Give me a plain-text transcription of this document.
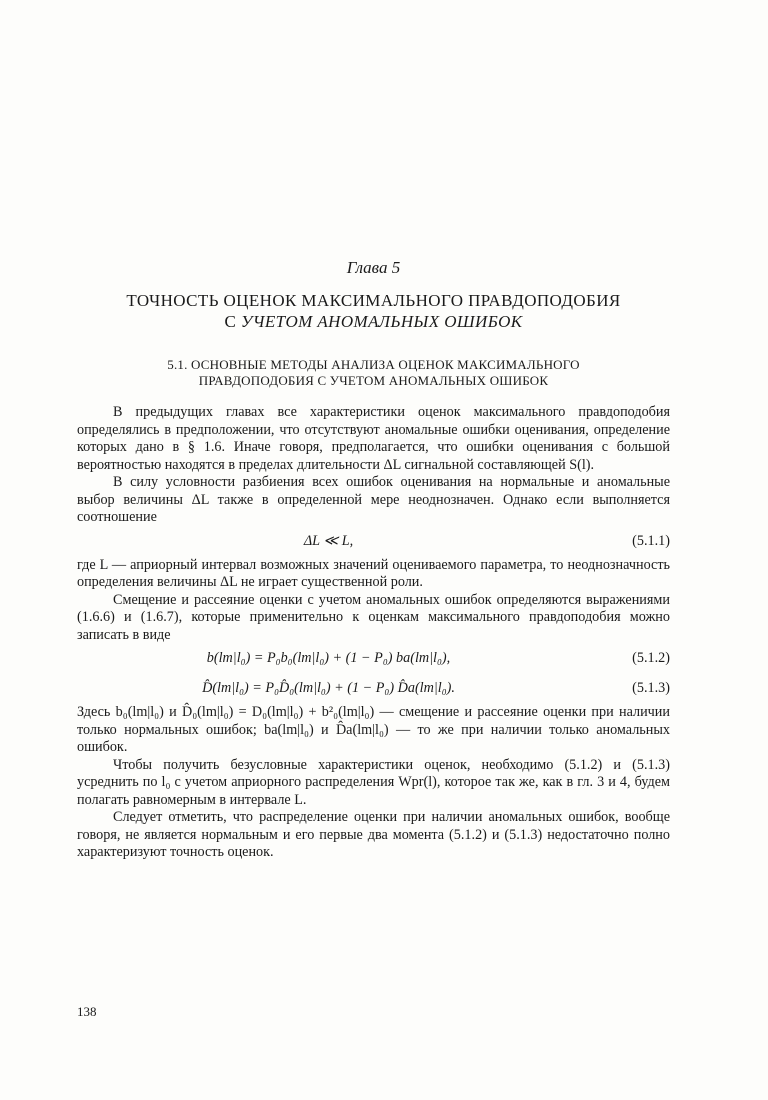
Глава 5
ТОЧНОСТЬ ОЦЕНОК МАКСИМАЛЬНОГО ПРАВДОПОДОБИЯ
С УЧЕТОМ АНОМАЛЬНЫХ ОШИБОК
5.1. ОСНОВНЫЕ МЕТОДЫ АНАЛИЗА ОЦЕНОК МАКСИМАЛЬНОГО
ПРАВДОПОДОБИЯ С УЧЕТОМ АНОМАЛЬНЫХ ОШИБОК

В предыдущих главах все характеристики оценок максимального правдоподобия определялись в предположении, что отсутствуют аномальные ошибки оценивания, определение которых дано в § 1.6. Иначе говоря, предполагается, что ошибки оценивания с большой вероятностью находятся в пределах длительности ΔL сигнальной составляющей S(l).

В силу условности разбиения всех ошибок оценивания на нормальные и аномальные выбор величины ΔL также в определенной мере неоднозначен. Однако если выполняется соотношение

ΔL ≪ L,	(5.1.1)

где L — априорный интервал возможных значений оцениваемого параметра, то неоднозначность определения величины ΔL не играет существенной роли.

Смещение и рассеяние оценки с учетом аномальных ошибок определяются выражениями (1.6.6) и (1.6.7), которые применительно к оценкам максимального правдоподобия можно записать в виде

b(lm|l₀) = P₀b₀(lm|l₀) + (1 − P₀) ba(lm|l₀),	(5.1.2)
D̂(lm|l₀) = P₀D̂₀(lm|l₀) + (1 − P₀) D̂a(lm|l₀).	(5.1.3)

Здесь b₀(lm|l₀) и D̂₀(lm|l₀) = D₀(lm|l₀) + b²₀(lm|l₀) — смещение и рассеяние оценки при наличии только нормальных ошибок; ba(lm|l₀) и D̂a(lm|l₀) — то же при наличии только аномальных ошибок.

Чтобы получить безусловные характеристики оценок, необходимо (5.1.2) и (5.1.3) усреднить по l₀ с учетом априорного распределения Wpr(l), которое так же, как в гл. 3 и 4, будем полагать равномерным в интервале L.

Следует отметить, что распределение оценки при наличии аномальных ошибок, вообще говоря, не является нормальным и его первые два момента (5.1.2) и (5.1.3) недостаточно полно характеризуют точность оценок.

138
